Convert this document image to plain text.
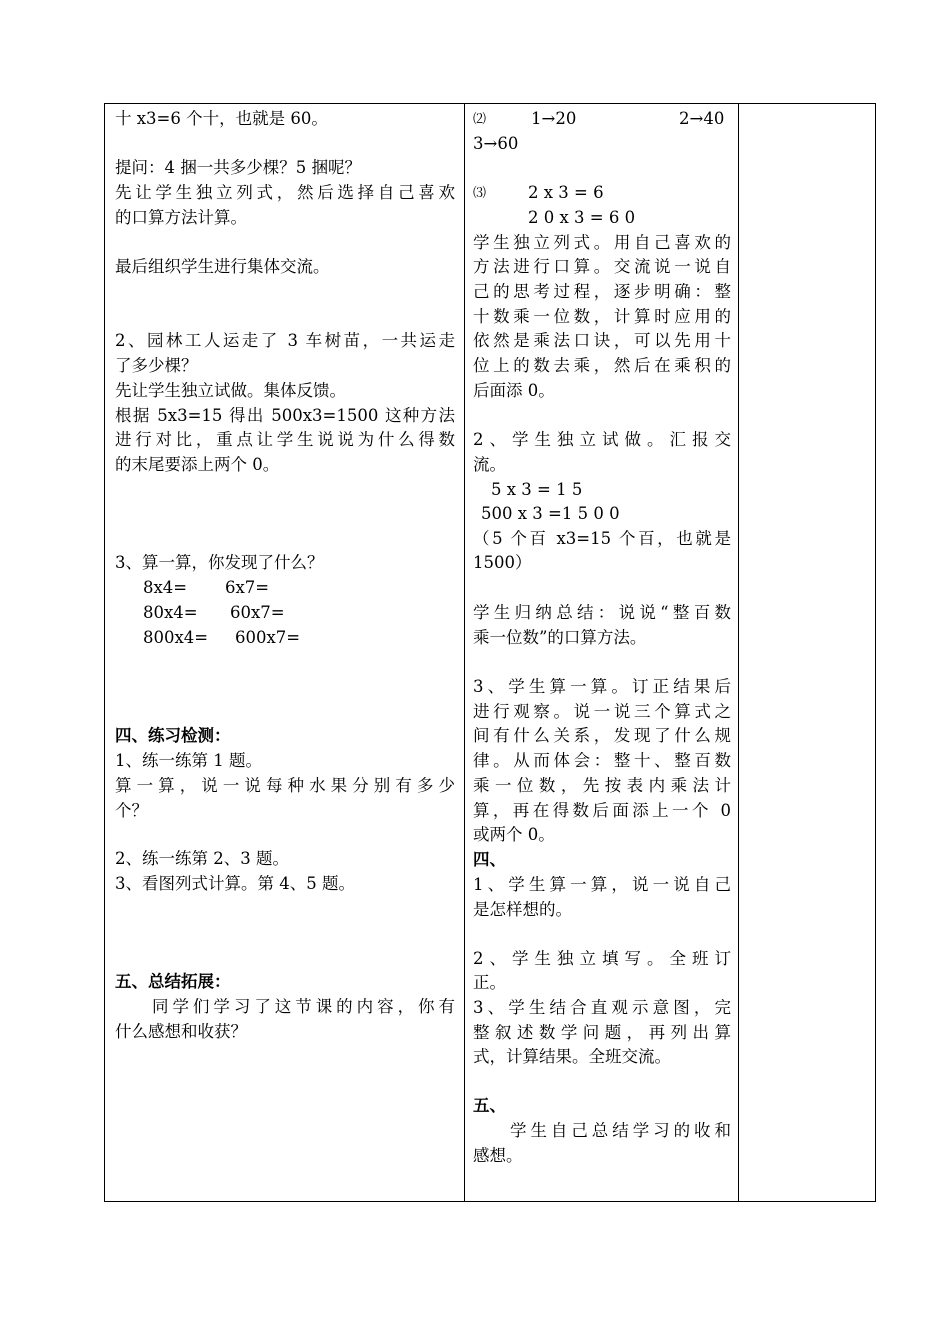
十 x3=6 个十，也就是 60。
提问：4 捆一共多少棵？5 捆呢？
先让学生独立列式，然后选择自己喜欢
的口算方法计算。
最后组织学生进行集体交流。
2、园林工人运走了 3 车树苗，一共运走
了多少棵？
先让学生独立试做。集体反馈。
根据 5x3=15 得出 500x3=1500 这种方法
进行对比，重点让学生说说为什么得数
的末尾要添上两个 0。
3、算一算，你发现了什么？
8x4= 6x7=
80x4= 60x7=
800x4= 600x7=
四、练习检测：
1、练一练第 1 题。
算一算，说一说每种水果分别有多少
个？
2、练一练第 2、3 题。
3、看图列式计算。第 4、5 题。
五、总结拓展：
同学们学习了这节课的内容，你有
什么感想和收获？
⑵	1→20	2→40
3→60
⑶	2 x 3 = 6
2 0 x 3 = 6 0
学生独立列式。用自己喜欢的
方法进行口算。交流说一说自
己的思考过程，逐步明确：整
十数乘一位数，计算时应用的
依然是乘法口诀，可以先用十
位上的数去乘，然后在乘积的
后面添 0。
2、学生独立试做。汇报交
流。
5 x 3 = 1 5
500 x 3 =1 5 0 0
（5 个百 x3=15 个百，也就是
1500）
学生归纳总结：说说“整百数
乘一位数”的口算方法。
3、学生算一算。订正结果后
进行观察。说一说三个算式之
间有什么关系，发现了什么规
律。从而体会：整十、整百数
乘一位数，先按表内乘法计
算，再在得数后面添上一个 0
或两个 0。
四、
1、学生算一算，说一说自己
是怎样想的。
2、学生独立填写。全班订
正。
3、学生结合直观示意图，完
整叙述数学问题，再列出算
式，计算结果。全班交流。
五、
学生自己总结学习的收和
感想。
